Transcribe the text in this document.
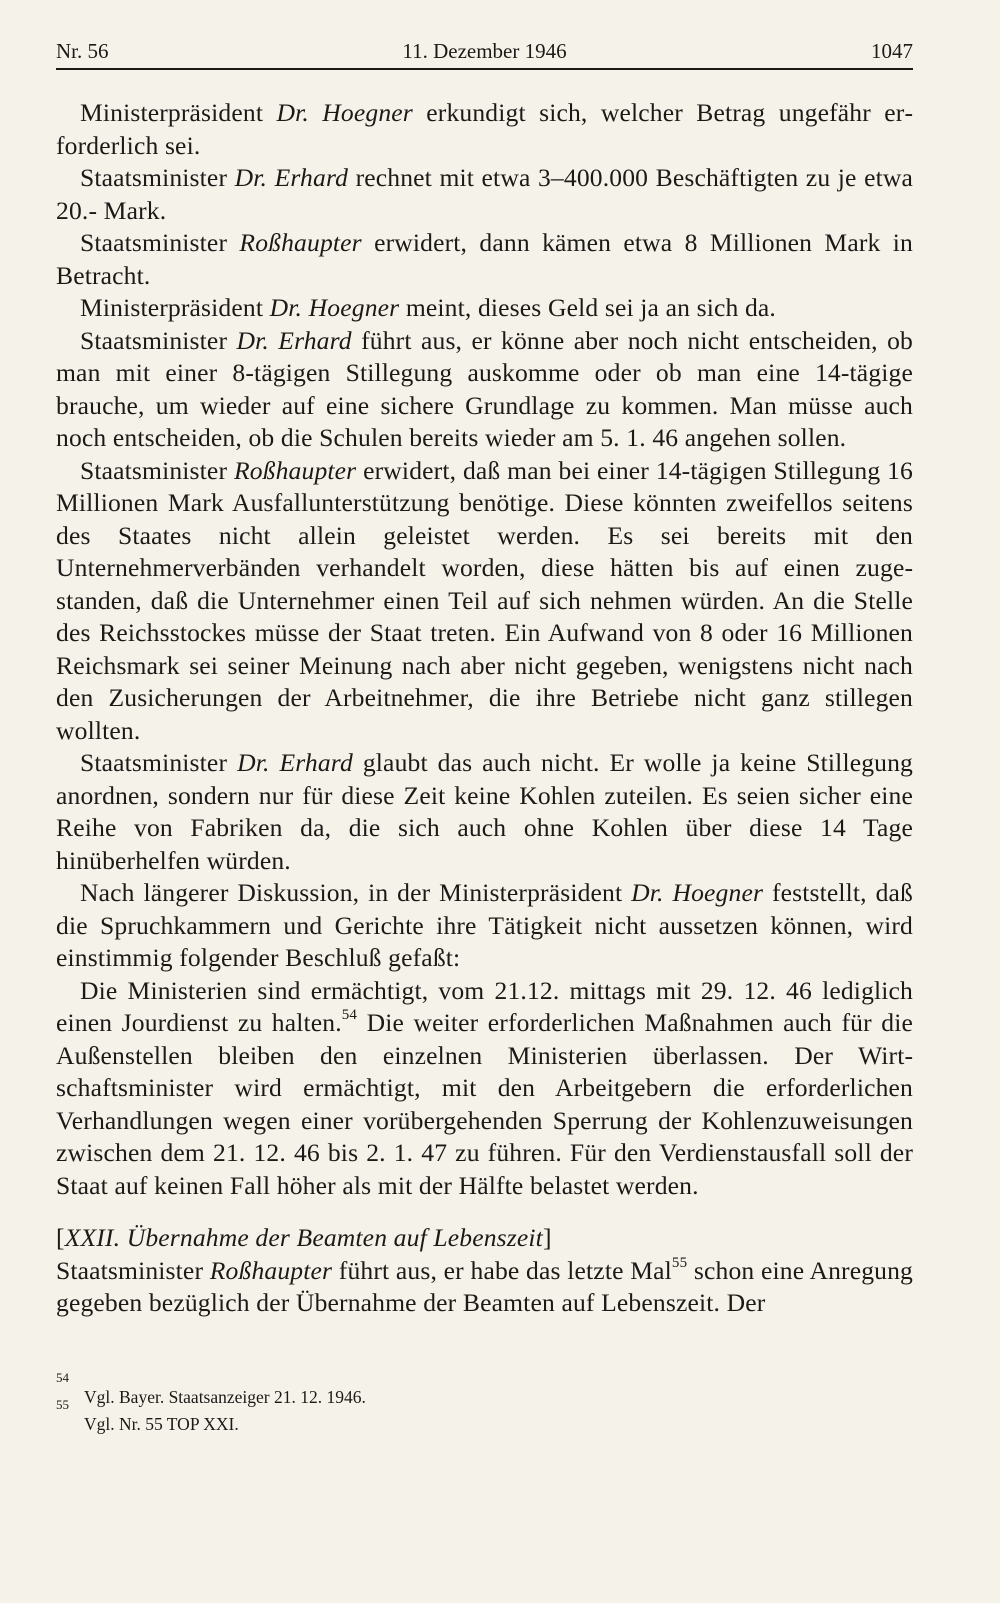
Nr. 56	11. Dezember 1946	1047

Ministerpräsident Dr. Hoegner erkundigt sich, welcher Betrag ungefähr erforderlich sei.

Staatsminister Dr. Erhard rechnet mit etwa 3–400.000 Beschäftigten zu je etwa 20.- Mark.

Staatsminister Roßhaupter erwidert, dann kämen etwa 8 Millionen Mark in Betracht.

Ministerpräsident Dr. Hoegner meint, dieses Geld sei ja an sich da.

Staatsminister Dr. Erhard führt aus, er könne aber noch nicht entscheiden, ob man mit einer 8-tägigen Stillegung auskomme oder ob man eine 14-tägige brauche, um wieder auf eine sichere Grundlage zu kommen. Man müsse auch noch entscheiden, ob die Schulen bereits wieder am 5. 1. 46 angehen sollen.

Staatsminister Roßhaupter erwidert, daß man bei einer 14-tägigen Stillegung 16 Millionen Mark Ausfallunterstützung benötige. Diese könnten zweifellos seitens des Staates nicht allein geleistet werden. Es sei bereits mit den Unternehmerverbänden verhandelt worden, diese hätten bis auf einen zugestanden, daß die Unternehmer einen Teil auf sich nehmen würden. An die Stelle des Reichsstockes müsse der Staat treten. Ein Aufwand von 8 oder 16 Millionen Reichsmark sei seiner Meinung nach aber nicht gegeben, wenigstens nicht nach den Zusicherungen der Arbeitnehmer, die ihre Betriebe nicht ganz stillegen wollten.

Staatsminister Dr. Erhard glaubt das auch nicht. Er wolle ja keine Stillegung anordnen, sondern nur für diese Zeit keine Kohlen zuteilen. Es seien sicher eine Reihe von Fabriken da, die sich auch ohne Kohlen über diese 14 Tage hinüberhelfen würden.

Nach längerer Diskussion, in der Ministerpräsident Dr. Hoegner feststellt, daß die Spruchkammern und Gerichte ihre Tätigkeit nicht aussetzen können, wird einstimmig folgender Beschluß gefaßt:

Die Ministerien sind ermächtigt, vom 21.12. mittags mit 29. 12. 46 lediglich einen Jourdienst zu halten.$^{54}$ Die weiter erforderlichen Maßnahmen auch für die Außenstellen bleiben den einzelnen Ministerien überlassen. Der Wirtschaftsminister wird ermächtigt, mit den Arbeitgebern die erforderlichen Verhandlungen wegen einer vorübergehenden Sperrung der Kohlenzuweisungen zwischen dem 21. 12. 46 bis 2. 1. 47 zu führen. Für den Verdienstausfall soll der Staat auf keinen Fall höher als mit der Hälfte belastet werden.

[XXII. Übernahme der Beamten auf Lebenszeit]

Staatsminister Roßhaupter führt aus, er habe das letzte Mal$^{55}$ schon eine Anregung gegeben bezüglich der Übernahme der Beamten auf Lebenszeit. Der

54
Vgl. Bayer. Staatsanzeiger 21. 12. 1946.
55
Vgl. Nr. 55 TOP XXI.
